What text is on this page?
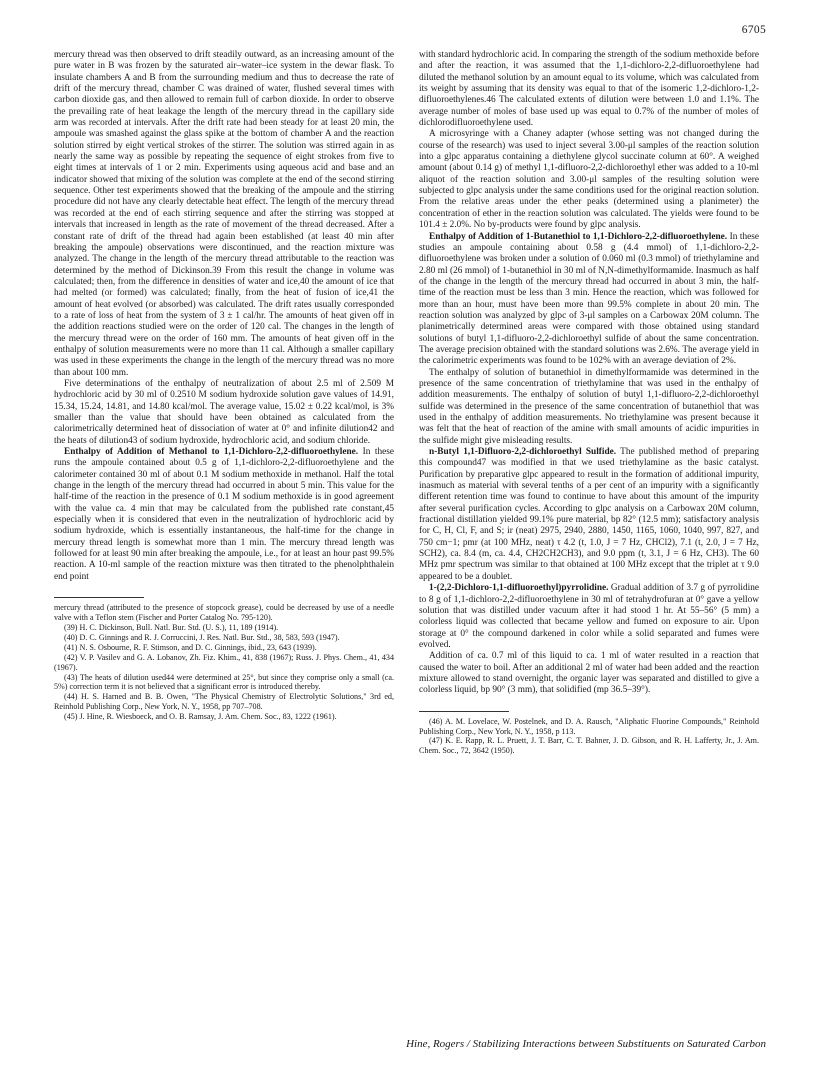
6705

mercury thread was then observed to drift steadily outward, as an increasing amount of the pure water in B was frozen by the saturated air–water–ice system in the dewar flask. To insulate chambers A and B from the surrounding medium and thus to decrease the rate of drift of the mercury thread, chamber C was drained of water, flushed several times with carbon dioxide gas, and then allowed to remain full of carbon dioxide. In order to observe the prevailing rate of heat leakage the length of the mercury thread in the capillary side arm was recorded at intervals. After the drift rate had been steady for at least 20 min, the ampoule was smashed against the glass spike at the bottom of chamber A and the reaction solution stirred by eight vertical strokes of the stirrer. The solution was stirred again in as nearly the same way as possible by repeating the sequence of eight strokes from five to eight times at intervals of 1 or 2 min. Experiments using aqueous acid and base and an indicator showed that mixing of the solution was complete at the end of the second stirring sequence. Other test experiments showed that the breaking of the ampoule and the stirring procedure did not have any clearly detectable heat effect. The length of the mercury thread was recorded at the end of each stirring sequence and after the stirring was stopped at intervals that increased in length as the rate of movement of the thread decreased. After a constant rate of drift of the thread had again been established (at least 40 min after breaking the ampoule) observations were discontinued, and the reaction mixture was analyzed. The change in the length of the mercury thread attributable to the reaction was determined by the method of Dickinson.39 From this result the change in volume was calculated; then, from the difference in densities of water and ice,40 the amount of ice that had melted (or formed) was calculated; finally, from the heat of fusion of ice,41 the amount of heat evolved (or absorbed) was calculated. The drift rates usually corresponded to a rate of loss of heat from the system of 3 ± 1 cal/hr. The amounts of heat given off in the addition reactions studied were on the order of 120 cal. The changes in the length of the mercury thread were on the order of 160 mm. The amounts of heat given off in the enthalpy of solution measurements were no more than 11 cal. Although a smaller capillary was used in these experiments the change in the length of the mercury thread was no more than about 100 mm.

Five determinations of the enthalpy of neutralization of about 2.5 ml of 2.509 M hydrochloric acid by 30 ml of 0.2510 M sodium hydroxide solution gave values of 14.91, 15.34, 15.24, 14.81, and 14.80 kcal/mol. The average value, 15.02 ± 0.22 kcal/mol, is 3% smaller than the value that should have been obtained as calculated from the calorimetrically determined heat of dissociation of water at 0° and infinite dilution42 and the heats of dilution43 of sodium hydroxide, hydrochloric acid, and sodium chloride.

Enthalpy of Addition of Methanol to 1,1-Dichloro-2,2-difluoroethylene. In these runs the ampoule contained about 0.5 g of 1,1-dichloro-2,2-difluoroethylene and the calorimeter contained 30 ml of about 0.1 M sodium methoxide in methanol. Half the total change in the length of the mercury thread had occurred in about 5 min. This value for the half-time of the reaction in the presence of 0.1 M sodium methoxide is in good agreement with the value ca. 4 min that may be calculated from the published rate constant,45 especially when it is considered that even in the neutralization of hydrochloric acid by sodium hydroxide, which is essentially instantaneous, the half-time for the change in mercury thread length is somewhat more than 1 min. The mercury thread length was followed for at least 90 min after breaking the ampoule, i.e., for at least an hour past 99.5% reaction. A 10-ml sample of the reaction mixture was then titrated to the phenolphthalein end point

mercury thread (attributed to the presence of stopcock grease), could be decreased by use of a needle valve with a Teflon stem (Fischer and Porter Catalog No. 795-120).

(39) H. C. Dickinson, Bull. Natl. Bur. Std. (U. S.), 11, 189 (1914).

(40) D. C. Ginnings and R. J. Corruccini, J. Res. Natl. Bur. Std., 38, 583, 593 (1947).

(41) N. S. Osbourne, R. F. Stimson, and D. C. Ginnings, ibid., 23, 643 (1939).

(42) V. P. Vasilev and G. A. Lobanov, Zh. Fiz. Khim., 41, 838 (1967); Russ. J. Phys. Chem., 41, 434 (1967).

(43) The heats of dilution used44 were determined at 25°, but since they comprise only a small (ca. 5%) correction term it is not believed that a significant error is introduced thereby.

(44) H. S. Harned and B. B. Owen, "The Physical Chemistry of Electrolytic Solutions," 3rd ed, Reinhold Publishing Corp., New York, N. Y., 1958, pp 707–708.

(45) J. Hine, R. Wiesboeck, and O. B. Ramsay, J. Am. Chem. Soc., 83, 1222 (1961).

with standard hydrochloric acid. In comparing the strength of the sodium methoxide before and after the reaction, it was assumed that the 1,1-dichloro-2,2-difluoroethylene had diluted the methanol solution by an amount equal to its volume, which was calculated from its weight by assuming that its density was equal to that of the isomeric 1,2-dichloro-1,2-difluoroethylenes.46 The calculated extents of dilution were between 1.0 and 1.1%. The average number of moles of base used up was equal to 0.7% of the number of moles of dichlorodifluoroethylene used.

A microsyringe with a Chaney adapter (whose setting was not changed during the course of the research) was used to inject several 3.00-μl samples of the reaction solution into a glpc apparatus containing a diethylene glycol succinate column at 60°. A weighed amount (about 0.14 g) of methyl 1,1-difluoro-2,2-dichloroethyl ether was added to a 10-ml aliquot of the reaction solution and 3.00-μl samples of the resulting solution were subjected to glpc analysis under the same conditions used for the original reaction solution. From the relative areas under the ether peaks (determined using a planimeter) the concentration of ether in the reaction solution was calculated. The yields were found to be 101.4 ± 2.0%. No by-products were found by glpc analysis.

Enthalpy of Addition of 1-Butanethiol to 1,1-Dichloro-2,2-difluoroethylene. In these studies an ampoule containing about 0.58 g (4.4 mmol) of 1,1-dichloro-2,2-difluoroethylene was broken under a solution of 0.060 ml (0.3 mmol) of triethylamine and 2.80 ml (26 mmol) of 1-butanethiol in 30 ml of N,N-dimethylformamide. Inasmuch as half of the change in the length of the mercury thread had occurred in about 3 min, the half-time of the reaction must be less than 3 min. Hence the reaction, which was followed for more than an hour, must have been more than 99.5% complete in about 20 min. The reaction solution was analyzed by glpc of 3-μl samples on a Carbowax 20M column. The planimetrically determined areas were compared with those obtained using standard solutions of butyl 1,1-difluoro-2,2-dichloroethyl sulfide of about the same concentration. The average precision obtained with the standard solutions was 2.6%. The average yield in the calorimetric experiments was found to be 102% with an average deviation of 2%.

The enthalpy of solution of butanethiol in dimethylformamide was determined in the presence of the same concentration of triethylamine that was used in the enthalpy of addition measurements. The enthalpy of solution of butyl 1,1-difluoro-2,2-dichloroethyl sulfide was determined in the presence of the same concentration of butanethiol that was used in the enthalpy of addition measurements. No triethylamine was present because it was felt that the heat of reaction of the amine with small amounts of acidic impurities in the sulfide might give misleading results.

n-Butyl 1,1-Difluoro-2,2-dichloroethyl Sulfide. The published method of preparing this compound47 was modified in that we used triethylamine as the basic catalyst. Purification by preparative glpc appeared to result in the formation of additional impurity, inasmuch as material with several tenths of a per cent of an impurity with a significantly different retention time was found to continue to have about this amount of the impurity after several purification cycles. According to glpc analysis on a Carbowax 20M column, fractional distillation yielded 99.1% pure material, bp 82° (12.5 mm); satisfactory analysis for C, H, Cl, F, and S; ir (neat) 2975, 2940, 2880, 1450, 1165, 1060, 1040, 997, 827, and 750 cm−1; pmr (at 100 MHz, neat) τ 4.2 (t, 1.0, J = 7 Hz, CHCl2), 7.1 (t, 2.0, J = 7 Hz, SCH2), ca. 8.4 (m, ca. 4.4, CH2CH2CH3), and 9.0 ppm (t, 3.1, J = 6 Hz, CH3). The 60 MHz pmr spectrum was similar to that obtained at 100 MHz except that the triplet at τ 9.0 appeared to be a doublet.

1-(2,2-Dichloro-1,1-difluoroethyl)pyrrolidine. Gradual addition of 3.7 g of pyrrolidine to 8 g of 1,1-dichloro-2,2-difluoroethylene in 30 ml of tetrahydrofuran at 0° gave a yellow solution that was distilled under vacuum after it had stood 1 hr. At 55–56° (5 mm) a colorless liquid was collected that became yellow and fumed on exposure to air. Upon storage at 0° the compound darkened in color while a solid separated and fumes were evolved.

Addition of ca. 0.7 ml of this liquid to ca. 1 ml of water resulted in a reaction that caused the water to boil. After an additional 2 ml of water had been added and the reaction mixture allowed to stand overnight, the organic layer was separated and distilled to give a colorless liquid, bp 90° (3 mm), that solidified (mp 36.5–39°).

(46) A. M. Lovelace, W. Postelnek, and D. A. Rausch, "Aliphatic Fluorine Compounds," Reinhold Publishing Corp., New York, N. Y., 1958, p 113.

(47) K. E. Rapp, R. L. Pruett, J. T. Barr, C. T. Bahner, J. D. Gibson, and R. H. Lafferty, Jr., J. Am. Chem. Soc., 72, 3642 (1950).

Hine, Rogers / Stabilizing Interactions between Substituents on Saturated Carbon
